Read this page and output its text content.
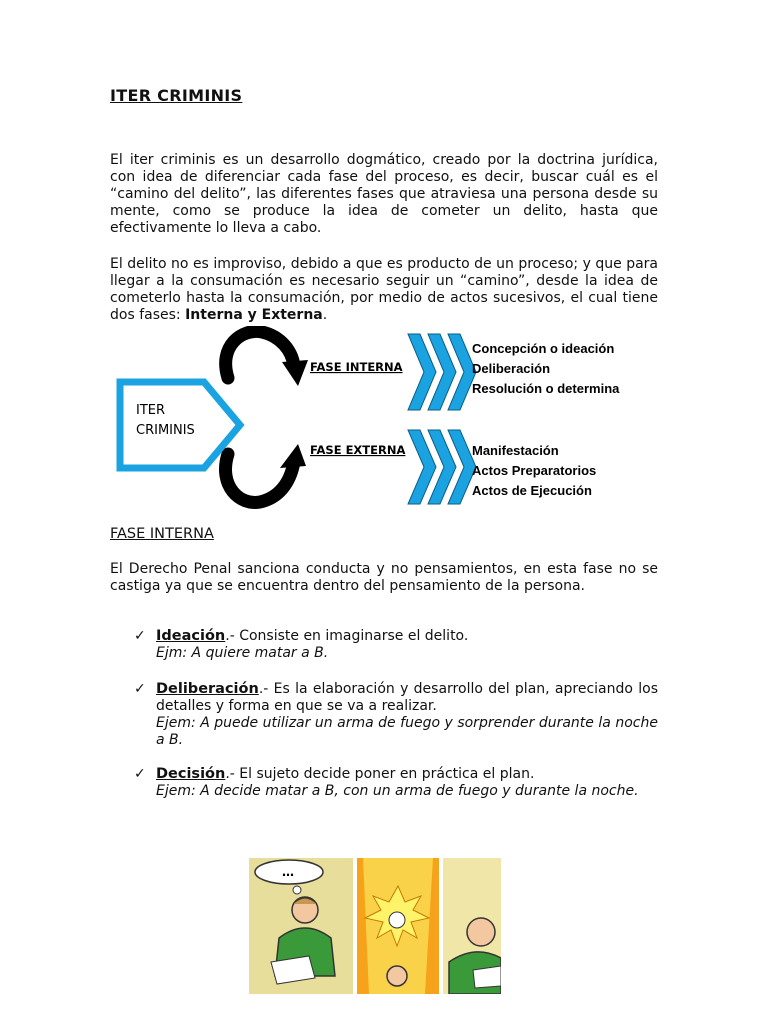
ITER CRIMINIS
El iter criminis es un desarrollo dogmático, creado por la doctrina jurídica, con idea de diferenciar cada fase del proceso, es decir, buscar cuál es el “camino del delito”, las diferentes fases que atraviesa una persona desde su mente, como se produce la idea de cometer un delito, hasta que efectivamente lo lleva a cabo.
El delito no es improviso, debido a que es producto de un proceso; y que para llegar a la consumación es necesario seguir un “camino”, desde la idea de cometerlo hasta la consumación, por medio de actos sucesivos, el cual tiene dos fases: Interna y Externa.
ITER
CRIMINIS
FASE INTERNA
FASE EXTERNA
Concepción o ideación
Deliberación
Resolución o determina
Manifestación
Actos Preparatorios
Actos de Ejecución
FASE INTERNA
El Derecho Penal sanciona conducta y no pensamientos, en esta fase no se castiga ya que se encuentra dentro del pensamiento de la persona.
✓ Ideación.- Consiste en imaginarse el delito.
Ejm: A quiere matar a B.
✓ Deliberación.- Es la elaboración y desarrollo del plan, apreciando los detalles y forma en que se va a realizar.
Ejem: A puede utilizar un arma de fuego y sorprender durante la noche a B.
✓ Decisión.- El sujeto decide poner en práctica el plan.
Ejem: A decide matar a B, con un arma de fuego y durante la noche.
…
